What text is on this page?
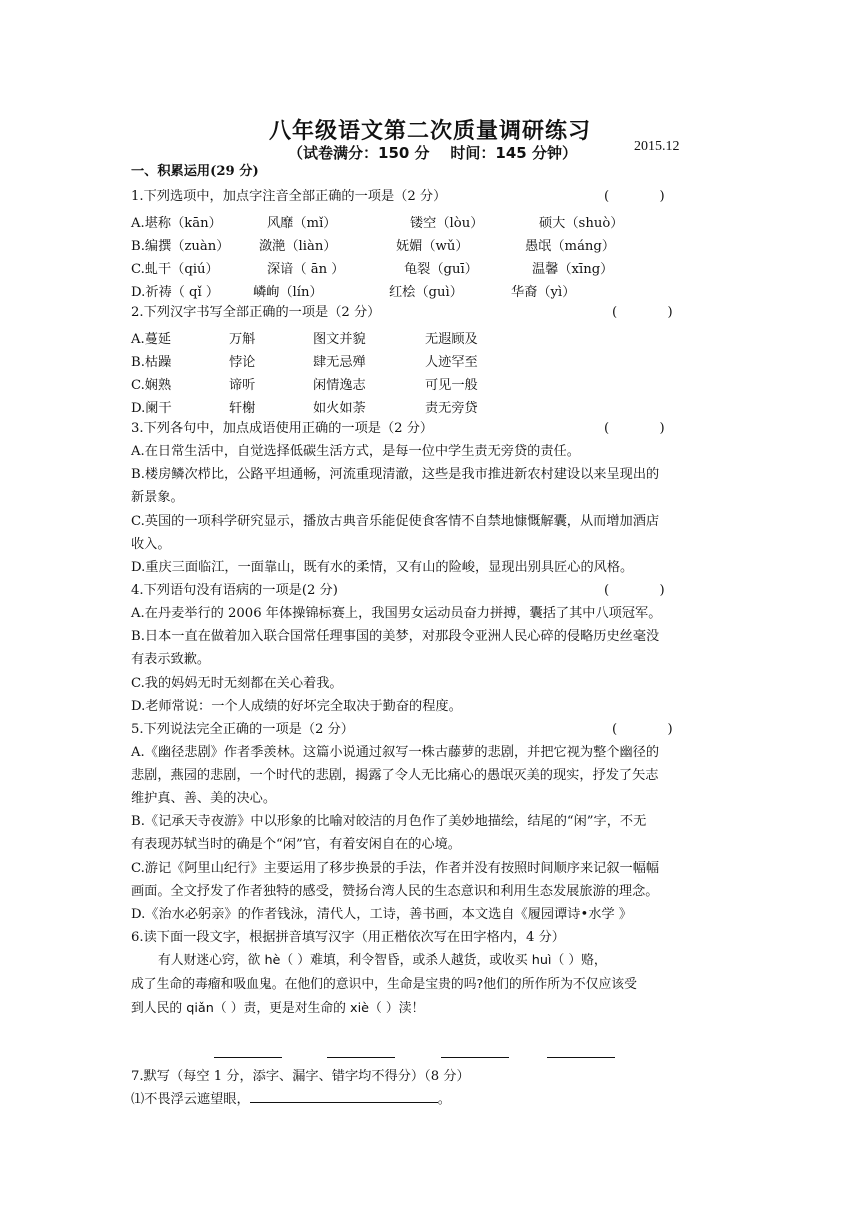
八年级语文第二次质量调研练习
（试卷满分：150 分    时间：145 分钟）	2015.12
一、积累运用(29 分)
1.下列选项中，加点字注音全部正确的一项是（2 分）	(            )
A.堪称（kān）	风靡（mǐ）	镂空（lòu）	硕大（shuò）
B.编撰（zuàn） 潋滟（liàn）	妩媚（wǔ）	愚氓（máng）
C.虬干（qiú）	深谙（ ān ）	龟裂（guī）	温馨（xīng）
D.祈祷（ qǐ ）	嶙峋（lín）	红桧（guì）	华裔（yì）
2.下列汉字书写全部正确的一项是（2 分）	(            )
A.蔓延	万斛	图文并貌	无遐顾及
B.枯躁	悖论	肆无忌殚	人迹罕至
C.娴熟	谛听	闲情逸志	可见一般
D.阑干	轩榭	如火如荼	责无旁贷
3.下列各句中，加点成语使用正确的一项是（2 分）	(            )
A.在日常生活中，自觉选择低碳生活方式，是每一位中学生责无旁贷的责任。
B.楼房鳞次栉比，公路平坦通畅，河流重现清澈，这些是我市推进新农村建设以来呈现出的
新景象。
C.英国的一项科学研究显示，播放古典音乐能促使食客情不自禁地慷慨解囊，从而增加酒店
收入。
D.重庆三面临江，一面靠山，既有水的柔情，又有山的险峻，显现出别具匠心的风格。
4.下列语句没有语病的一项是(2 分)	(            )
A.在丹麦举行的 2006 年体操锦标赛上，我国男女运动员奋力拼搏，囊括了其中八项冠军。
B.日本一直在做着加入联合国常任理事国的美梦，对那段令亚洲人民心碎的侵略历史丝毫没
有表示致歉。
C.我的妈妈无时无刻都在关心着我。
D.老师常说：一个人成绩的好坏完全取决于勤奋的程度。
5.下列说法完全正确的一项是（2 分）	(            )
A.《幽径悲剧》作者季羡林。这篇小说通过叙写一株古藤萝的悲剧，并把它视为整个幽径的
悲剧，燕园的悲剧，一个时代的悲剧，揭露了令人无比痛心的愚氓灭美的现实，抒发了矢志
维护真、善、美的决心。
B.《记承天寺夜游》中以形象的比喻对皎洁的月色作了美妙地描绘，结尾的“闲”字，不无
有表现苏轼当时的确是个“闲”官，有着安闲自在的心境。
C.游记《阿里山纪行》主要运用了移步换景的手法，作者并没有按照时间顺序来记叙一幅幅
画面。全文抒发了作者独特的感受，赞扬台湾人民的生态意识和利用生态发展旅游的理念。
D.《治水必躬亲》的作者钱泳，清代人，工诗，善书画，本文选自《履园谭诗•水学 》
6.读下面一段文字，根据拼音填写汉字（用正楷依次写在田字格内，4 分）
有人财迷心窍，欲 hè（ ）难填，利令智昏，或杀人越货，或收买 huì（ ）赂，
成了生命的毒瘤和吸血鬼。在他们的意识中，生命是宝贵的吗?他们的所作所为不仅应该受
到人民的 qiǎn（ ）责，更是对生命的 xiè（ ）渎！
7.默写（每空 1 分，添字、漏字、错字均不得分）（8 分）
⑴不畏浮云遮望眼，	。
